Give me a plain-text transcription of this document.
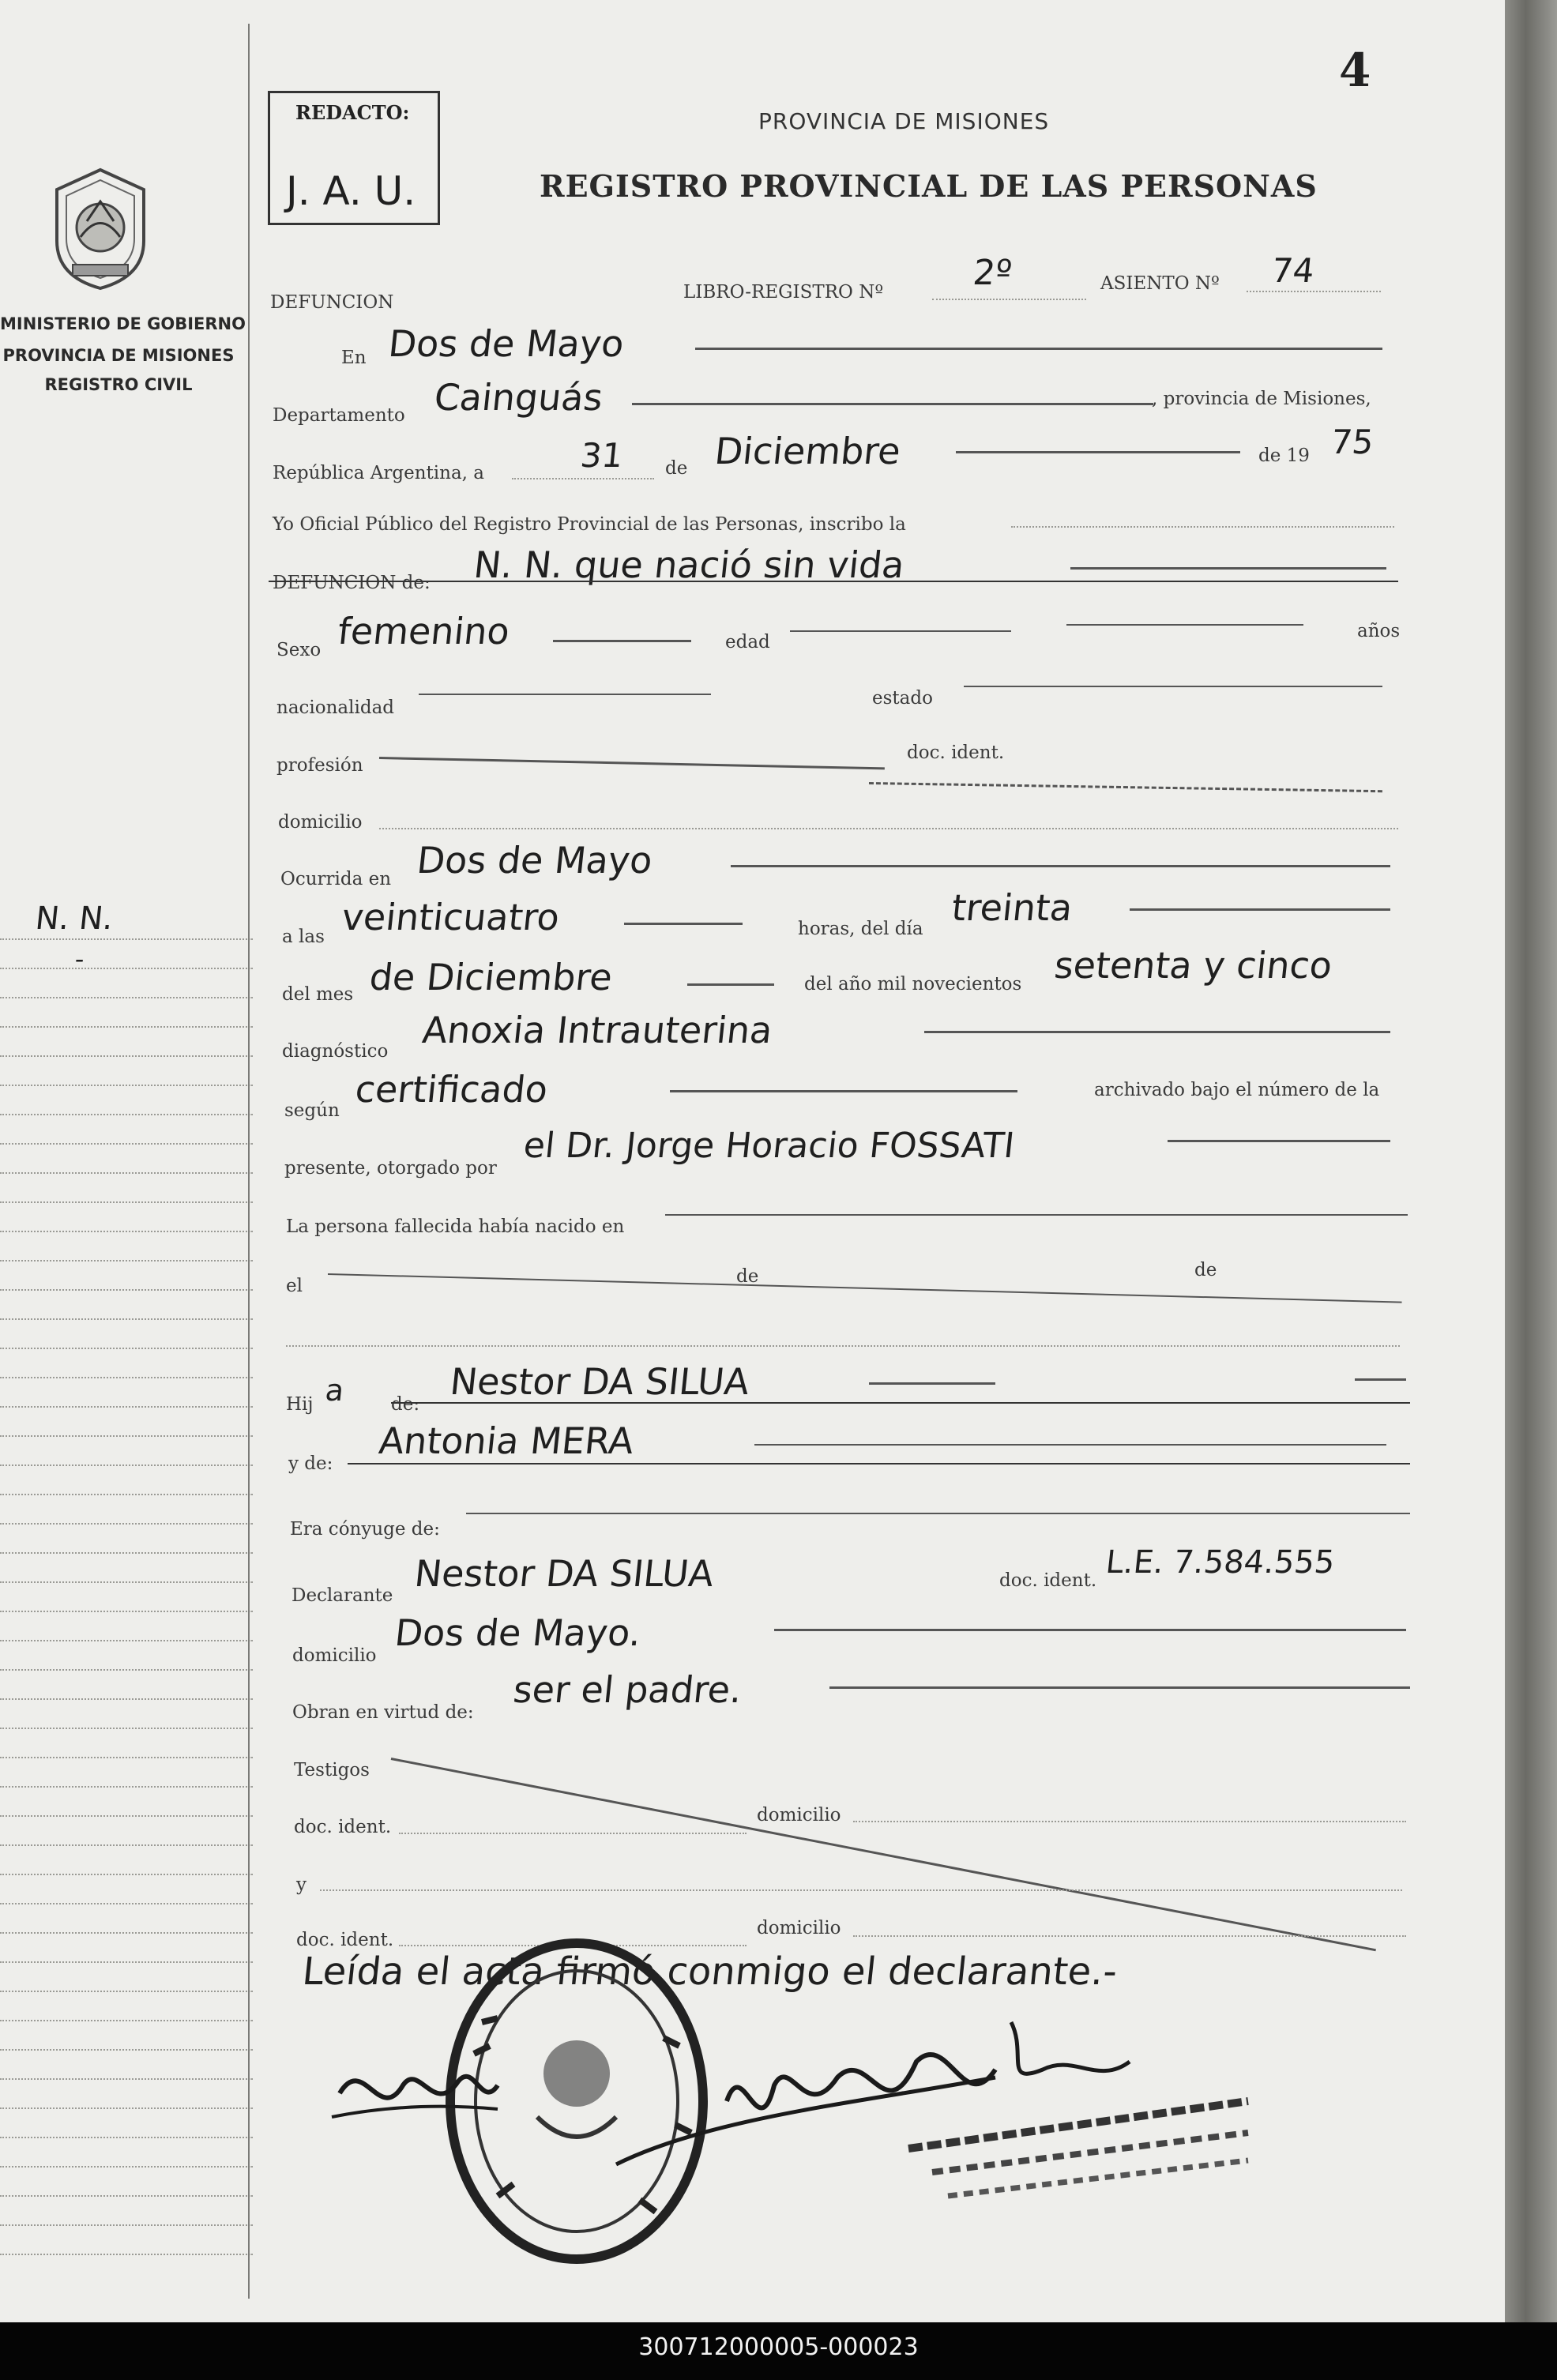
4
MINISTERIO DE GOBIERNO
PROVINCIA DE MISIONES
REGISTRO CIVIL
N. N.
-
REDACTO:
J. A. U.
PROVINCIA DE MISIONES
REGISTRO PROVINCIAL DE LAS PERSONAS
DEFUNCION	LIBRO-REGISTRO Nº	2º	ASIENTO Nº 74
En Dos de Mayo
Departamento Cainguás	, provincia de Misiones,
República Argentina, a	31 de Diciembre	de 19 75
Yo Oficial Público del Registro Provincial de las Personas, inscribo la
DEFUNCION de: N. N. que nació sin vida
Sexo femenino	edad
años
nacionalidad	estado
profesión
doc. ident.
domicilio
Ocurrida en Dos de Mayo
a las veinticuatro	horas, del día treinta
del mes de Diciembre	del año mil novecientos setenta y cinco
diagnóstico Anoxia Intrauterina
según certificado	archivado bajo el número de la
presente, otorgado por
el Dr. Jorge Horacio FOSSATI
La persona fallecida había nacido en
el	de	de
Hij a de:
Nestor DA SILUA
y de:
Antonia MERA
Era cónyuge de:
Declarante
Nestor DA SILUA	doc. ident. L.E. 7.584.555
domicilio
Dos de Mayo.
Obran en virtud de:
ser el padre.
Testigos
doc. ident.
domicilio
y
doc. ident.
domicilio
Leída el acta firmó conmigo el declarante.-
300712000005-000023
